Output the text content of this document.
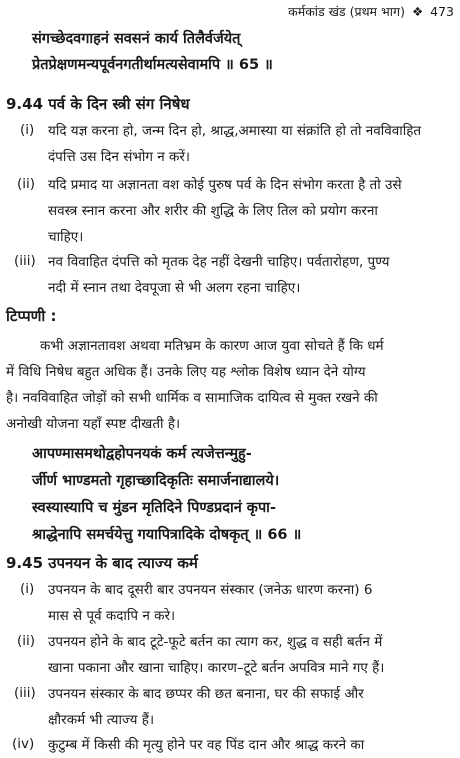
कर्मकांड खंड (प्रथम भाग) ❖ 473
संगच्छेदवगाहनं सवसनं कार्य तिलैर्वर्जयेत्
प्रेतप्रेक्षणमन्यपूर्वनगतीर्थामत्यसेवामपि ॥ 65 ॥
9.44 पर्व के दिन स्त्री संग निषेध
(i) यदि यज्ञ करना हो, जन्म दिन हो, श्राद्ध,अमास्या या संक्रांति हो तो नवविवाहित
दंपत्ति उस दिन संभोग न करें।
(ii) यदि प्रमाद या अज्ञानता वश कोई पुरुष पर्व के दिन संभोग करता है तो उसे
सवस्त्र स्नान करना और शरीर की शुद्धि के लिए तिल को प्रयोग करना
चाहिए।
(iii) नव विवाहित दंपत्ति को मृतक देह नहीं देखनी चाहिए। पर्वतारोहण, पुण्य
नदी में स्नान तथा देवपूजा से भी अलग रहना चाहिए।
टिप्पणी :
कभी अज्ञानतावश अथवा मतिभ्रम के कारण आज युवा सोचते हैं कि धर्म
में विधि निषेध बहुत अधिक हैं। उनके लिए यह श्लोक विशेष ध्यान देने योग्य
है। नवविवाहित जोड़ों को सभी धार्मिक व सामाजिक दायित्व से मुक्त रखने की
अनोखी योजना यहाँ स्पष्ट दीखती है।
आपण्मासमथोद्वहोपनयकं कर्म त्यजेत्तन्मुहु-
र्जीर्ण भाण्डमतो गृहाच्छादिकृतिः समार्जनाद्यालये।
स्वस्यास्यापि च मुंडन मृतिदिने पिण्डप्रदानं कृपा-
श्राद्धेनापि समर्चयेत्तु गयापित्रादिके दोषकृत् ॥ 66 ॥
9.45 उपनयन के बाद त्याज्य कर्म
(i) उपनयन के बाद दूसरी बार उपनयन संस्कार (जनेऊ धारण करना) 6
मास से पूर्व कदापि न करे।
(ii) उपनयन होने के बाद टूटे-फूटे बर्तन का त्याग कर, शुद्ध व सही बर्तन में
खाना पकाना और खाना चाहिए। कारण–टूटे बर्तन अपवित्र माने गए हैं।
(iii) उपनयन संस्कार के बाद छप्पर की छत बनाना, घर की सफाई और
क्षौरकर्म भी त्याज्य हैं।
(iv) कुटुम्ब में किसी की मृत्यु होने पर वह पिंड दान और श्राद्ध करने का
